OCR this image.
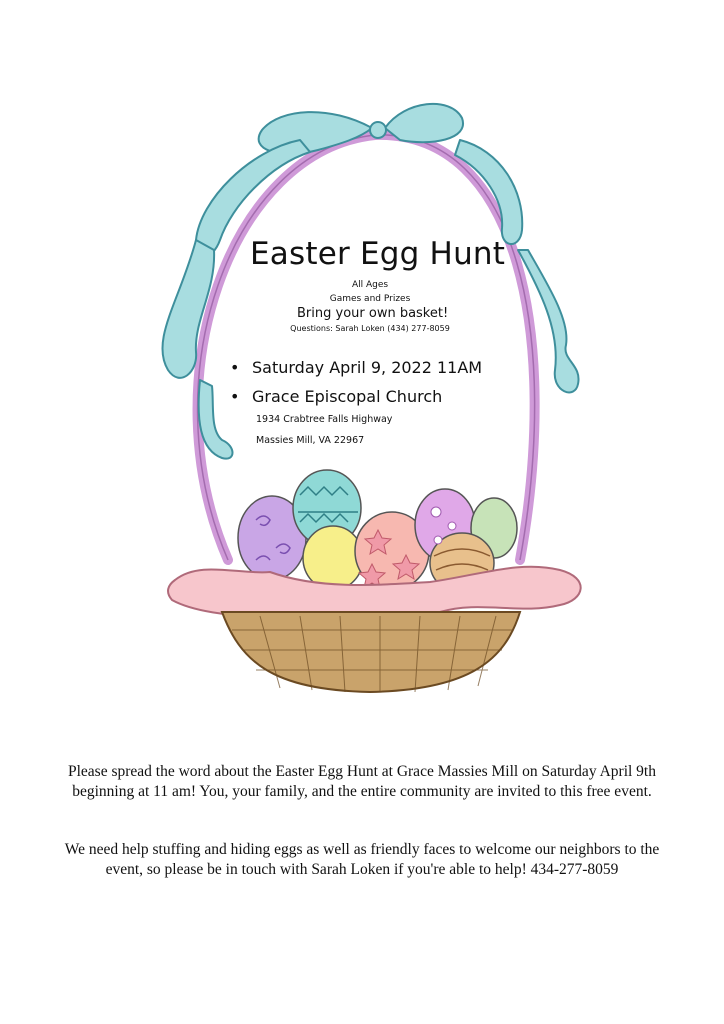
Easter Egg Hunt
All Ages
Games and Prizes
Bring your own basket!
Questions: Sarah Loken (434) 277-8059
• Saturday April 9, 2022 11AM
• Grace Episcopal Church
1934 Crabtree Falls Highway
Massies Mill, VA 22967
Please spread the word about the Easter Egg Hunt at Grace Massies Mill on Saturday April 9th beginning at 11 am! You, your family, and the entire community are invited to this free event.
We need help stuffing and hiding eggs as well as friendly faces to welcome our neighbors to the event, so please be in touch with Sarah Loken if you're able to help! 434-277-8059
